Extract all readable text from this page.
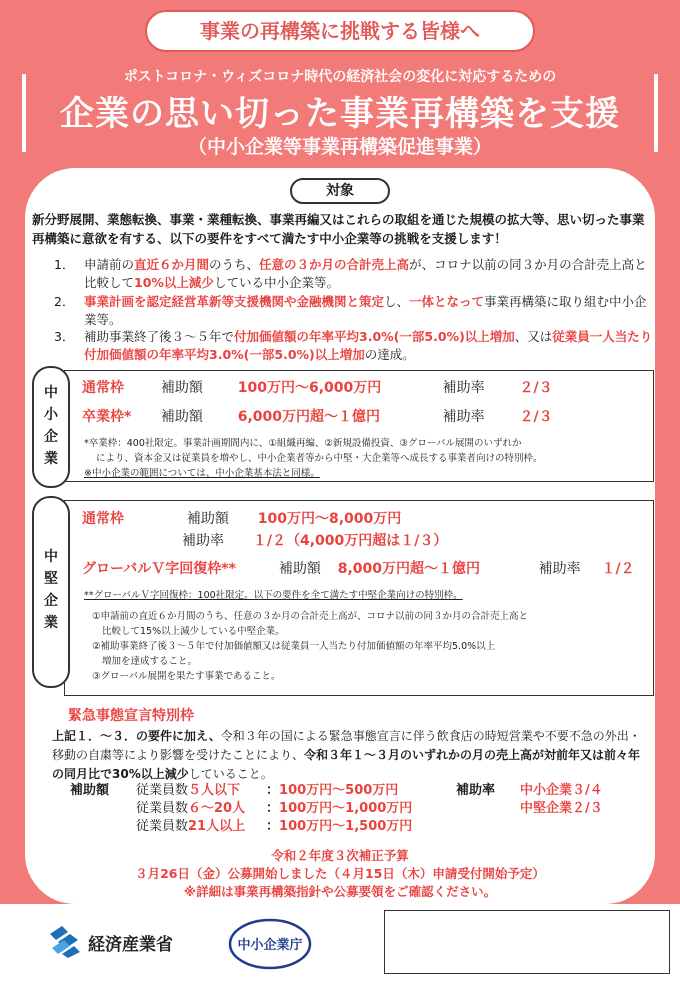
事業の再構築に挑戦する皆様へ
ポストコロナ・ウィズコロナ時代の経済社会の変化に対応するための
企業の思い切った事業再構築を支援
（中小企業等事業再構築促進事業）
対象
新分野展開、業態転換、事業・業種転換、事業再編又はこれらの取組を通じた規模の拡大等、思い切った事業再構築に意欲を有する、以下の要件をすべて満たす中小企業等の挑戦を支援します！
1． 申請前の直近６か月間のうち、任意の３か月の合計売上高が、コロナ以前の同３か月の合計売上高と比較して10%以上減少している中小企業等。
2． 事業計画を認定経営革新等支援機関や金融機関と策定し、一体となって事業再構築に取り組む中小企業等。
3． 補助事業終了後３～５年で付加価値額の年率平均3.0%(一部5.0%)以上増加、又は従業員一人当たり付加価値額の年率平均3.0%(一部5.0%)以上増加の達成。
中
小
企
業
通常枠	補助額 100万円～6,000万円	補助率 ２/３
卒業枠* 補助額 6,000万円超～１億円	補助率 ２/３
*卒業枠：400社限定。事業計画期間内に、①組織再編、②新規設備投資、③グローバル展開のいずれか
により、資本金又は従業員を増やし、中小企業者等から中堅・大企業等へ成長する事業者向けの特別枠。
※中小企業の範囲については、中小企業基本法と同様。
中
堅
企
業
通常枠	補助額 100万円～8,000万円
補助率 １/２（4,000万円超は１/３）
グローバルＶ字回復枠**	補助額 8,000万円超～１億円	補助率 １/２
**グローバルＶ字回復枠：100社限定。以下の要件を全て満たす中堅企業向けの特別枠。
①申請前の直近６か月間のうち、任意の３か月の合計売上高が、コロナ以前の同３か月の合計売上高と
比較して15%以上減少している中堅企業。
②補助事業終了後３～５年で付加価値額又は従業員一人当たり付加価値額の年率平均5.0%以上
増加を達成すること。
③グローバル展開を果たす事業であること。
緊急事態宣言特別枠
上記１．～３．の要件に加え、令和３年の国による緊急事態宣言に伴う飲食店の時短営業や不要不急の外出・移動の自粛等により影響を受けたことにより、令和３年１～３月のいずれかの月の売上高が対前年又は前々年の同月比で30%以上減少していること。
補助額 従業員数５人以下 ：100万円～500万円
従業員数６～20人 ：100万円～1,000万円
従業員数21人以上 ：100万円～1,500万円
補助率 中小企業３/４
中堅企業２/３
令和２年度３次補正予算
３月26日（金）公募開始しました（４月15日（木）申請受付開始予定）
※詳細は事業再構築指針や公募要領をご確認ください。
経済産業省	中小企業庁
